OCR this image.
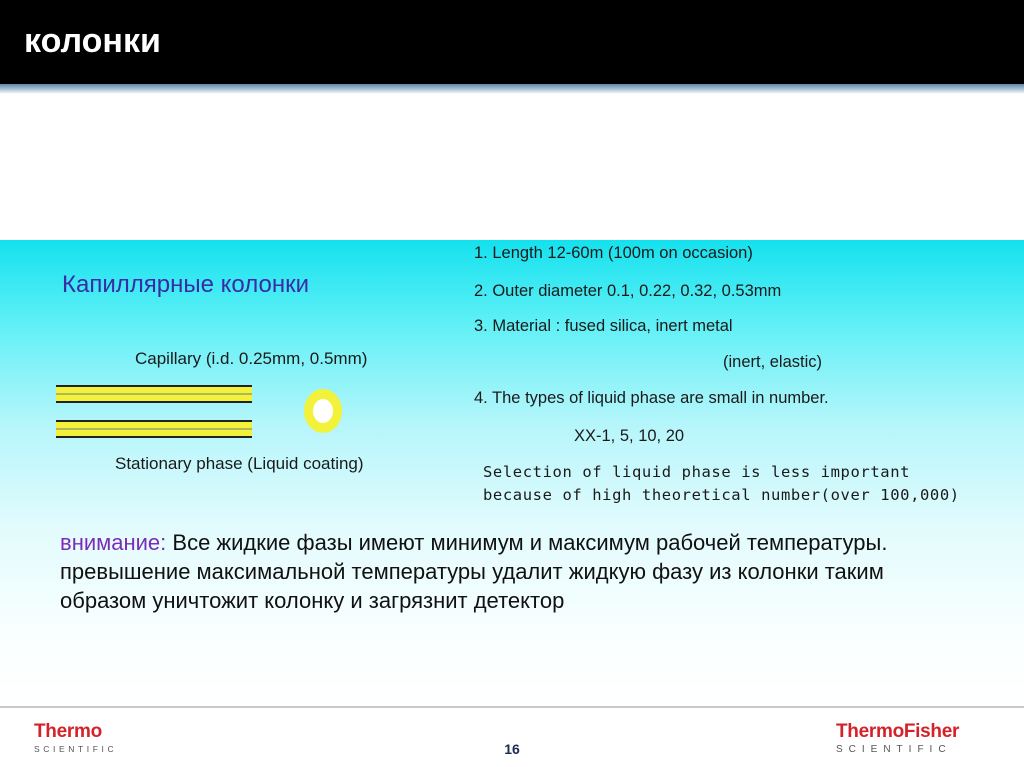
колонки
Капиллярные колонки
Capillary (i.d. 0.25mm, 0.5mm)
Stationary phase (Liquid coating)
1. Length 12-60m (100m on occasion)
2. Outer diameter 0.1, 0.22, 0.32, 0.53mm
3. Material : fused silica, inert metal
(inert, elastic)
4. The types of liquid phase are small in number.
XX-1, 5, 10, 20
Selection of liquid phase is less important
because of high theoretical number(over 100,000)
внимание: Все жидкие фазы имеют минимум и максимум рабочей температуры. превышение максимальной температуры удалит жидкую фазу из колонки таким образом уничтожит колонку и загрязнит детектор
Thermo
SCIENTIFIC	16
ThermoFisher
SCIENTIFIC
